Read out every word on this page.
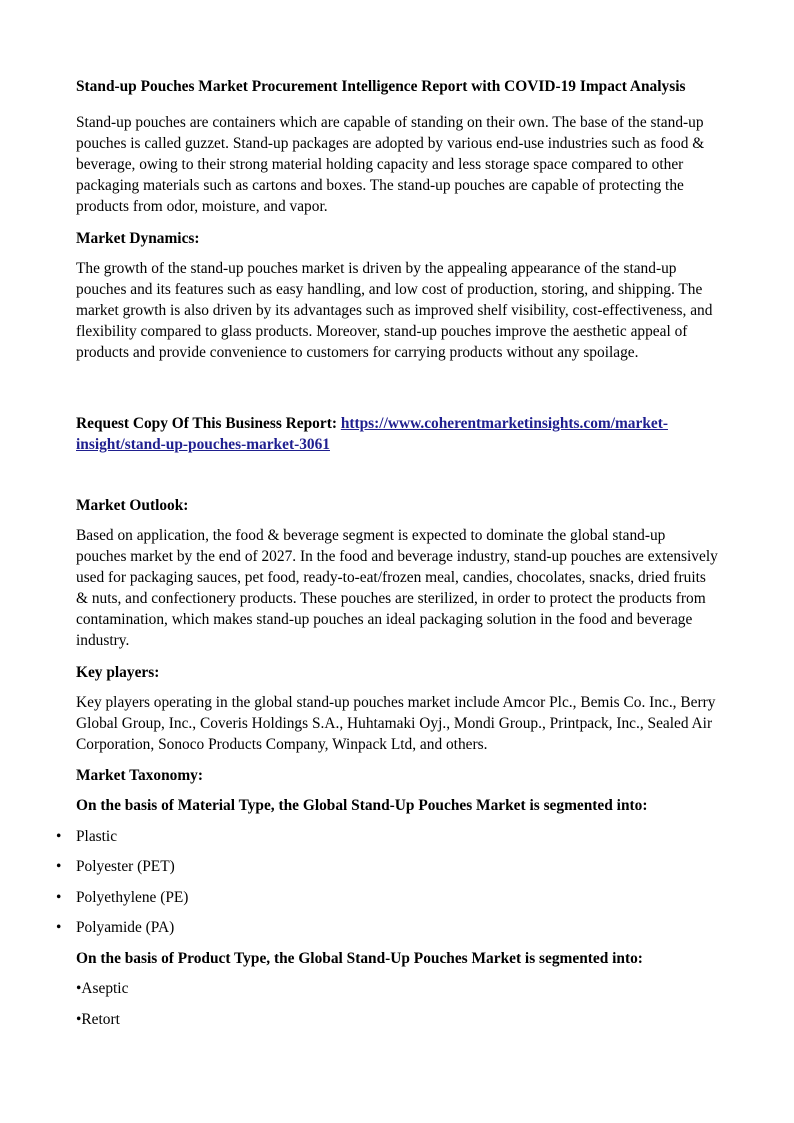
Stand-up Pouches Market Procurement Intelligence Report with COVID-19 Impact Analysis

Stand-up pouches are containers which are capable of standing on their own. The base of the stand-up pouches is called guzzet. Stand-up packages are adopted by various end-use industries such as food & beverage, owing to their strong material holding capacity and less storage space compared to other packaging materials such as cartons and boxes. The stand-up pouches are capable of protecting the products from odor, moisture, and vapor.

Market Dynamics:

The growth of the stand-up pouches market is driven by the appealing appearance of the stand-up pouches and its features such as easy handling, and low cost of production, storing, and shipping. The market growth is also driven by its advantages such as improved shelf visibility, cost-effectiveness, and flexibility compared to glass products. Moreover, stand-up pouches improve the aesthetic appeal of products and provide convenience to customers for carrying products without any spoilage.

Request Copy Of This Business Report: https://www.coherentmarketinsights.com/market-
insight/stand-up-pouches-market-3061
Market Outlook:

Based on application, the food & beverage segment is expected to dominate the global stand-up pouches market by the end of 2027. In the food and beverage industry, stand-up pouches are extensively used for packaging sauces, pet food, ready-to-eat/frozen meal, candies, chocolates, snacks, dried fruits & nuts, and confectionery products. These pouches are sterilized, in order to protect the products from contamination, which makes stand-up pouches an ideal packaging solution in the food and beverage industry.

Key players:

Key players operating in the global stand-up pouches market include Amcor Plc., Bemis Co. Inc., Berry Global Group, Inc., Coveris Holdings S.A., Huhtamaki Oyj., Mondi Group., Printpack, Inc., Sealed Air Corporation, Sonoco Products Company, Winpack Ltd, and others.

Market Taxonomy:
On the basis of Material Type, the Global Stand-Up Pouches Market is segmented into:
• Plastic
• Polyester (PET)
• Polyethylene (PE)
• Polyamide (PA)
On the basis of Product Type, the Global Stand-Up Pouches Market is segmented into:
•Aseptic
•Retort
